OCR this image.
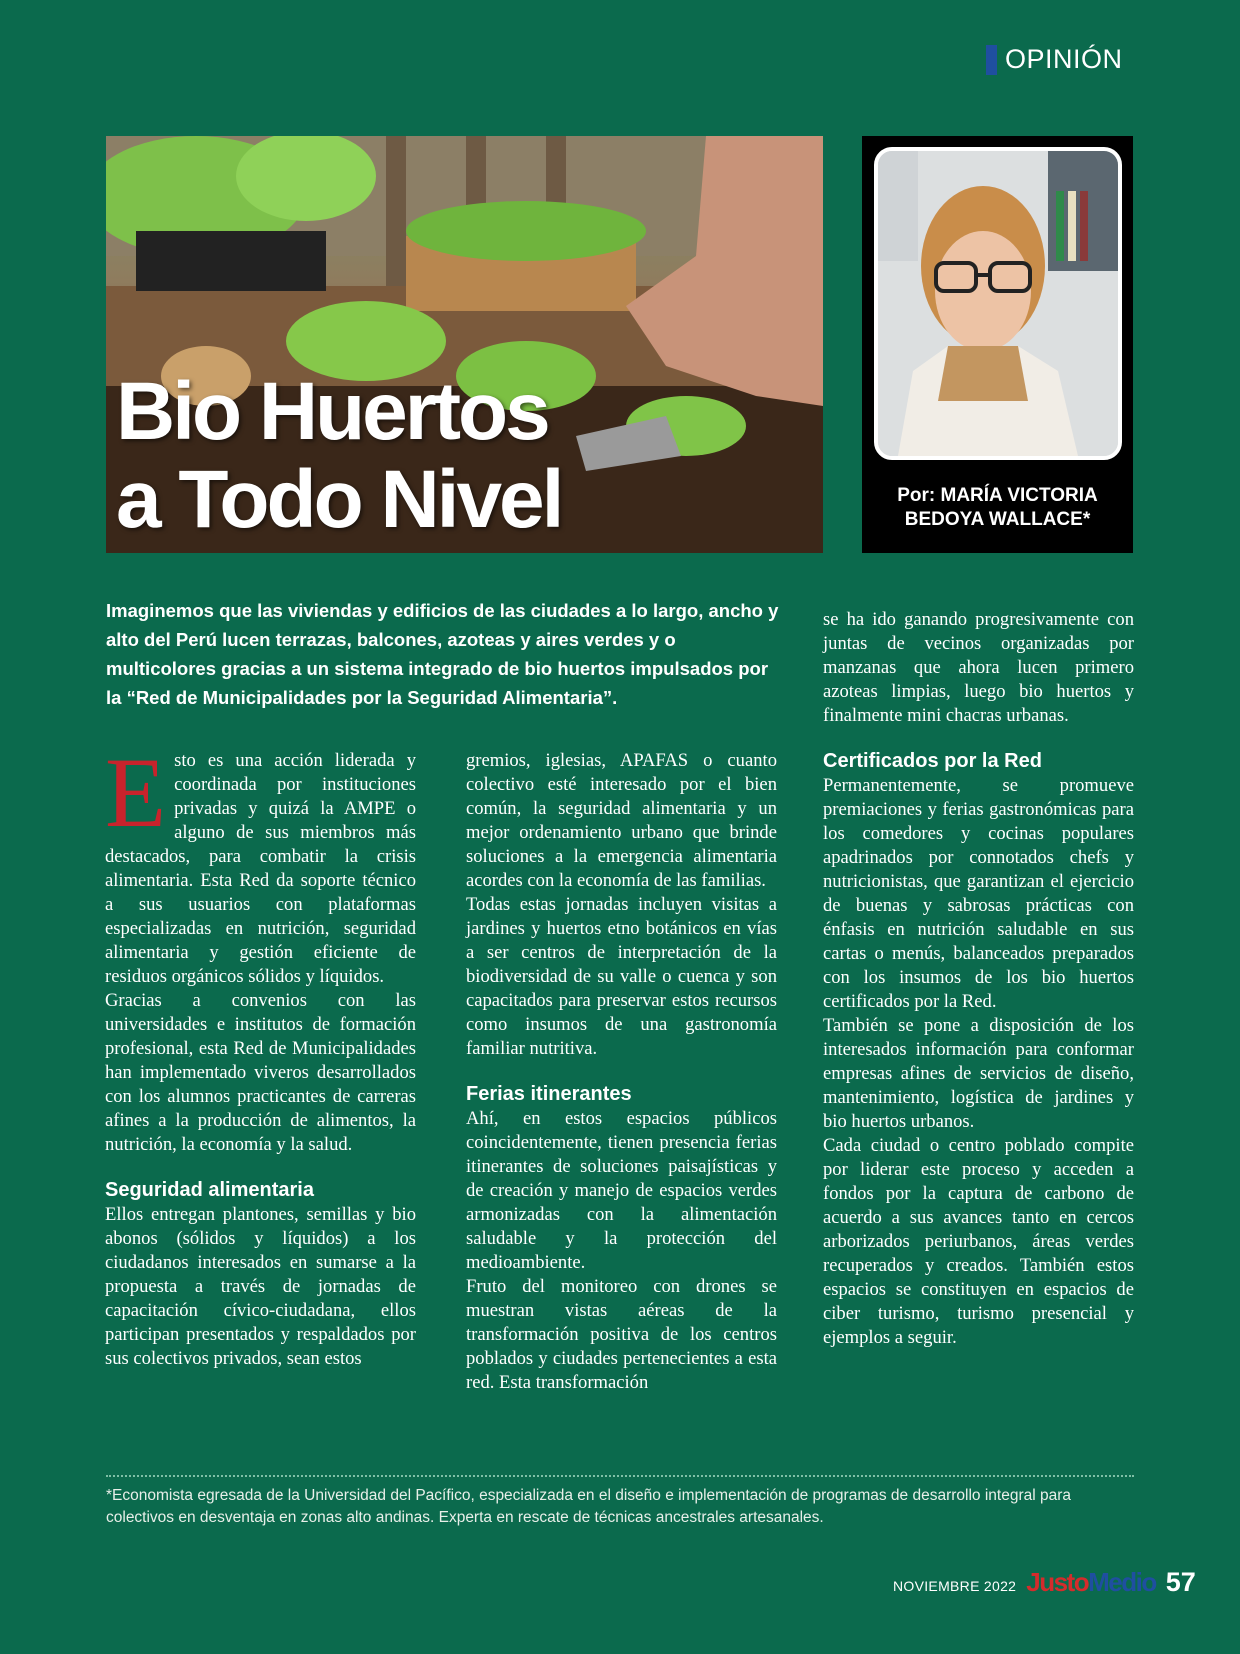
OPINIÓN
Bio Huertos
a Todo Nivel	Por: MARÍA VICTORIA
BEDOYA WALLACE*

Imaginemos que las viviendas y edificios de las ciudades a lo largo, ancho y alto del Perú lucen terrazas, balcones, azoteas y aires verdes y o multicolores gracias a un sistema integrado de bio huertos impulsados por la “Red de Municipalidades por la Seguridad Alimentaria”.

Esto es una acción liderada y coordinada por instituciones privadas y quizá la AMPE o alguno de sus miembros más destacados, para combatir la crisis alimentaria. Esta Red da soporte técnico a sus usuarios con plataformas especializadas en nutrición, seguridad alimentaria y gestión eficiente de residuos orgánicos sólidos y líquidos.

Gracias a convenios con las universidades e institutos de formación profesional, esta Red de Municipalidades han implementado viveros desarrollados con los alumnos practicantes de carreras afines a la producción de alimentos, la nutrición, la economía y la salud.

Seguridad alimentaria

Ellos entregan plantones, semillas y bio abonos (sólidos y líquidos) a los ciudadanos interesados en sumarse a la propuesta a través de jornadas de capacitación cívico-ciudadana, ellos participan presentados y respaldados por sus colectivos privados, sean estos

gremios, iglesias, APAFAS o cuanto colectivo esté interesado por el bien común, la seguridad alimentaria y un mejor ordenamiento urbano que brinde soluciones a la emergencia alimentaria acordes con la economía de las familias.

Todas estas jornadas incluyen visitas a jardines y huertos etno botánicos en vías a ser centros de interpretación de la biodiversidad de su valle o cuenca y son capacitados para preservar estos recursos como insumos de una gastronomía familiar nutritiva.

Ferias itinerantes

Ahí, en estos espacios públicos coincidentemente, tienen presencia ferias itinerantes de soluciones paisajísticas y de creación y manejo de espacios verdes armonizadas con la alimentación saludable y la protección del medioambiente.

Fruto del monitoreo con drones se muestran vistas aéreas de la transformación positiva de los centros poblados y ciudades pertenecientes a esta red. Esta transformación

se ha ido ganando progresivamente con juntas de vecinos organizadas por manzanas que ahora lucen primero azoteas limpias, luego bio huertos y finalmente mini chacras urbanas.

Certificados por la Red

Permanentemente, se promueve premiaciones y ferias gastronómicas para los comedores y cocinas populares apadrinados por connotados chefs y nutricionistas, que garantizan el ejercicio de buenas y sabrosas prácticas con énfasis en nutrición saludable en sus cartas o menús, balanceados preparados con los insumos de los bio huertos certificados por la Red.

También se pone a disposición de los interesados información para conformar empresas afines de servicios de diseño, mantenimiento, logística de jardines y bio huertos urbanos.

Cada ciudad o centro poblado compite por liderar este proceso y acceden a fondos por la captura de carbono de acuerdo a sus avances tanto en cercos arborizados periurbanos, áreas verdes recuperados y creados. También estos espacios se constituyen en espacios de ciber turismo, turismo presencial y ejemplos a seguir.

*Economista egresada de la Universidad del Pacífico, especializada en el diseño e implementación de programas de desarrollo integral para colectivos en desventaja en zonas alto andinas. Experta en rescate de técnicas ancestrales artesanales.

NOVIEMBRE 2022 JustoMedio 57
